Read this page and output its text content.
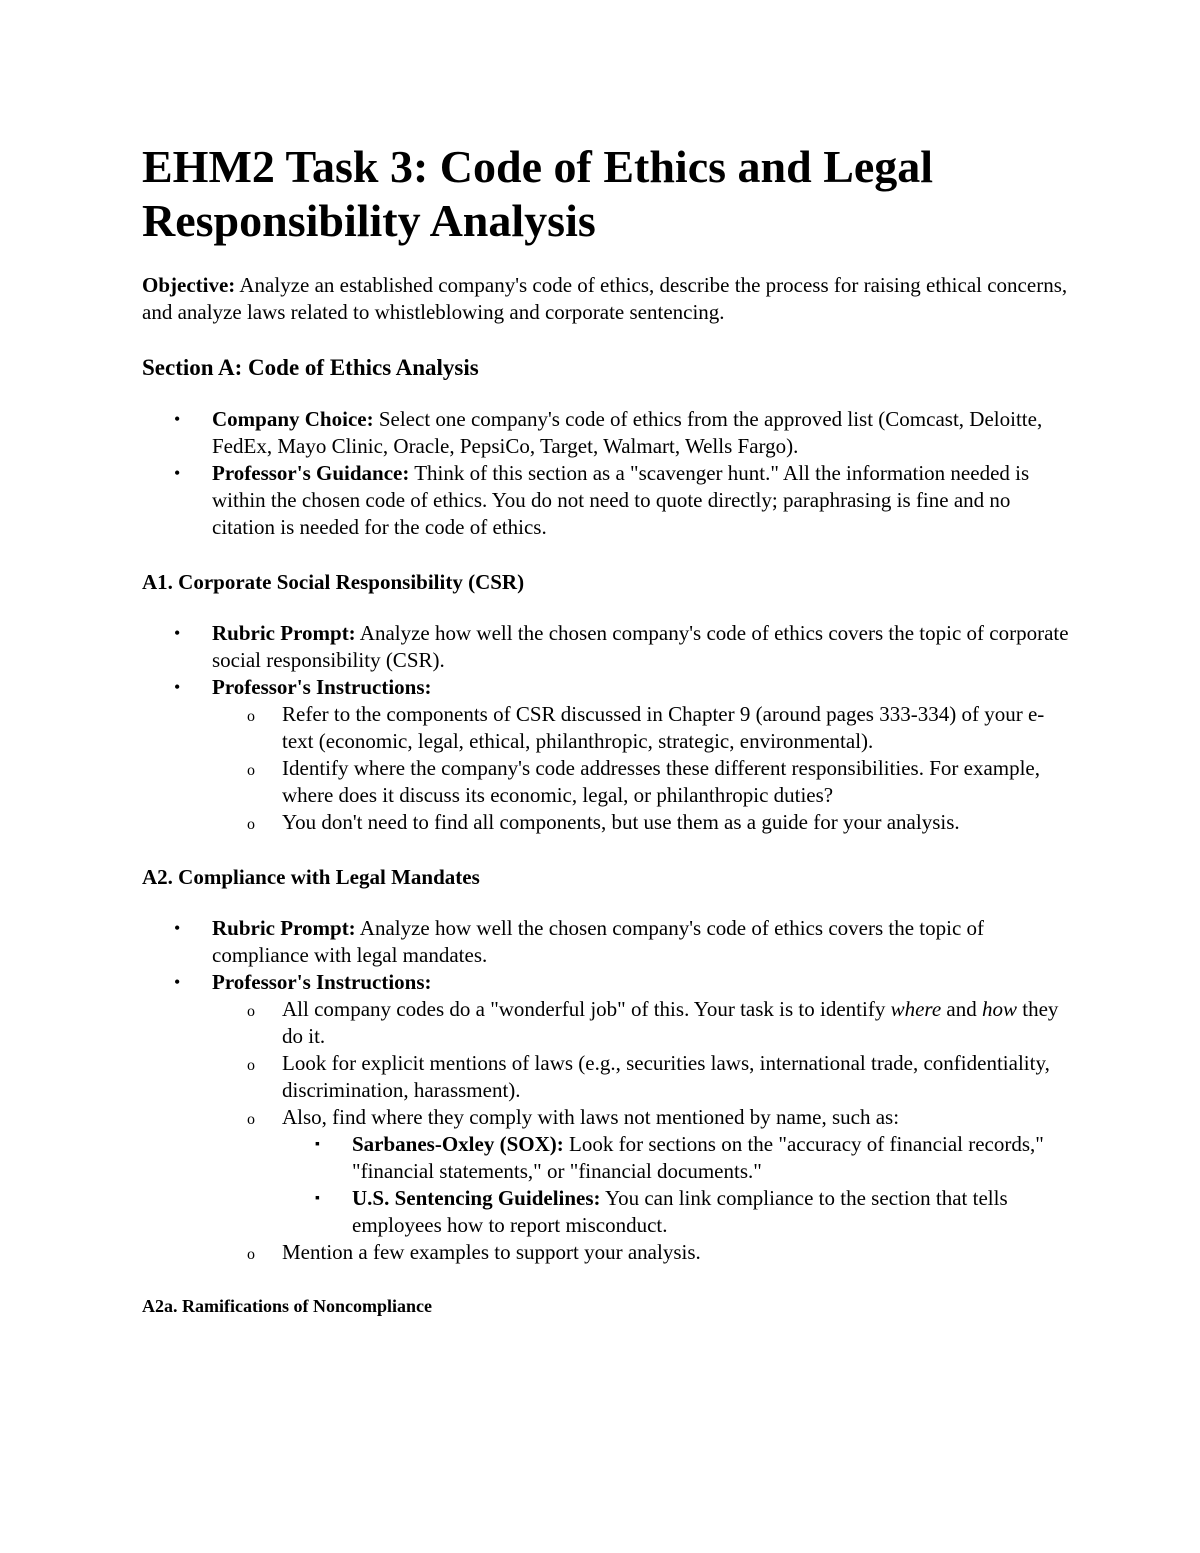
EHM2 Task 3: Code of Ethics and Legal Responsibility Analysis

Objective: Analyze an established company's code of ethics, describe the process for raising ethical concerns, and analyze laws related to whistleblowing and corporate sentencing.

Section A: Code of Ethics Analysis
• Company Choice: Select one company's code of ethics from the approved list (Comcast, Deloitte, FedEx, Mayo Clinic, Oracle, PepsiCo, Target, Walmart, Wells Fargo).
• Professor's Guidance: Think of this section as a "scavenger hunt." All the information needed is within the chosen code of ethics. You do not need to quote directly; paraphrasing is fine and no citation is needed for the code of ethics.
A1. Corporate Social Responsibility (CSR)
• Rubric Prompt: Analyze how well the chosen company's code of ethics covers the topic of corporate social responsibility (CSR).
• Professor's Instructions:
o Refer to the components of CSR discussed in Chapter 9 (around pages 333-334) of your e-text (economic, legal, ethical, philanthropic, strategic, environmental).
o Identify where the company's code addresses these different responsibilities. For example, where does it discuss its economic, legal, or philanthropic duties?
o You don't need to find all components, but use them as a guide for your analysis.
A2. Compliance with Legal Mandates
• Rubric Prompt: Analyze how well the chosen company's code of ethics covers the topic of compliance with legal mandates.
• Professor's Instructions:
o All company codes do a "wonderful job" of this. Your task is to identify where and how they do it.
o Look for explicit mentions of laws (e.g., securities laws, international trade, confidentiality, discrimination, harassment).
o Also, find where they comply with laws not mentioned by name, such as:
▪ Sarbanes-Oxley (SOX): Look for sections on the "accuracy of financial records," "financial statements," or "financial documents."
▪ U.S. Sentencing Guidelines: You can link compliance to the section that tells employees how to report misconduct.
o Mention a few examples to support your analysis.
A2a. Ramifications of Noncompliance
